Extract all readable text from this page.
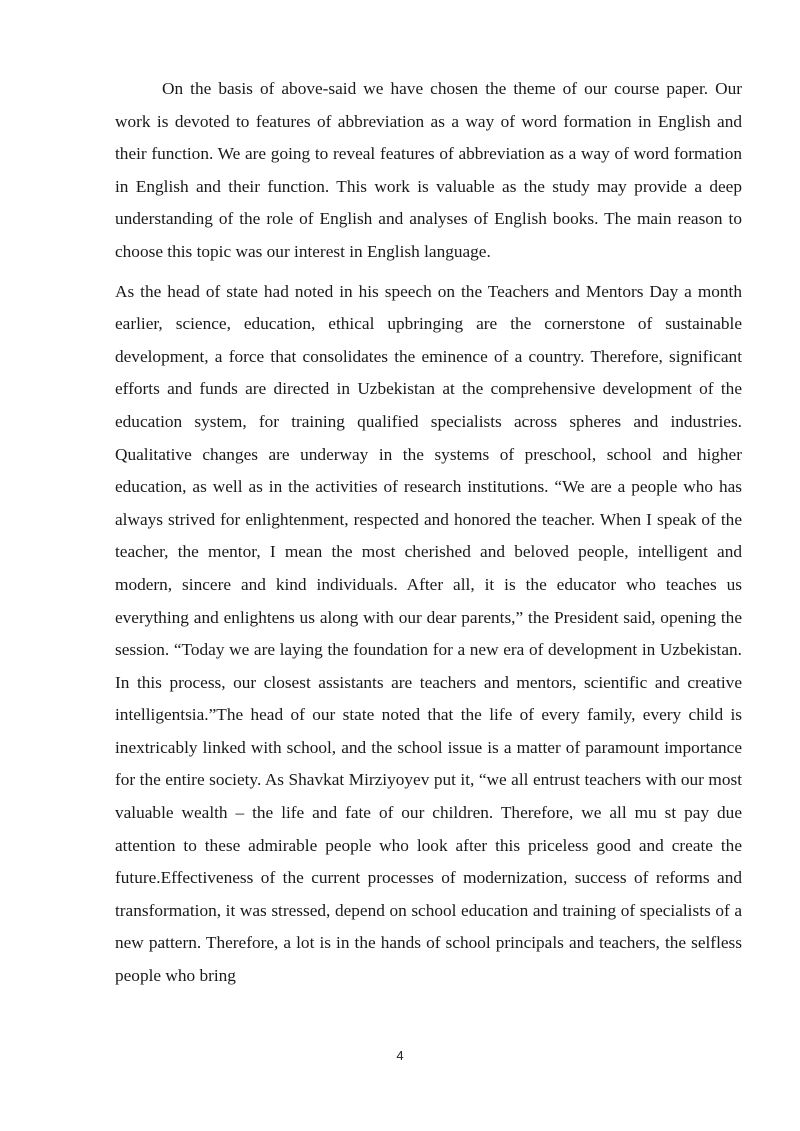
On the basis of above-said we have chosen the theme of our course paper. Our work is devoted to features of abbreviation as a way of word formation in English and their function. We are going to reveal features of abbreviation as a way of word formation in English and their function. This work is valuable as the study may provide a deep understanding of the role of English and analyses of English books. The main reason to choose this topic was our interest in English language.

As the head of state had noted in his speech on the Teachers and Mentors Day a month earlier, science, education, ethical upbringing are the cornerstone of sustainable development, a force that consolidates the eminence of a country. Therefore, significant efforts and funds are directed in Uzbekistan at the comprehensive development of the education system, for training qualified specialists across spheres and industries. Qualitative changes are underway in the systems of preschool, school and higher education, as well as in the activities of research institutions. “We are a people who has always strived for enlightenment, respected and honored the teacher. When I speak of the teacher, the mentor, I mean the most cherished and beloved people, intelligent and modern, sincere and kind individuals. After all, it is the educator who teaches us everything and enlightens us along with our dear parents,” the President said, opening the session. “Today we are laying the foundation for a new era of development in Uzbekistan. In this process, our closest assistants are teachers and mentors, scientific and creative intelligentsia.”The head of our state noted that the life of every family, every child is inextricably linked with school, and the school issue is a matter of paramount importance for the entire society. As Shavkat Mirziyoyev put it, “we all entrust teachers with our most valuable wealth – the life and fate of our children. Therefore, we all mu st pay due attention to these admirable people who look after this priceless good and create the future.Effectiveness of the current processes of modernization, success of reforms and transformation, it was stressed, depend on school education and training of specialists of a new pattern. Therefore, a lot is in the hands of school principals and teachers, the selfless people who bring

4
